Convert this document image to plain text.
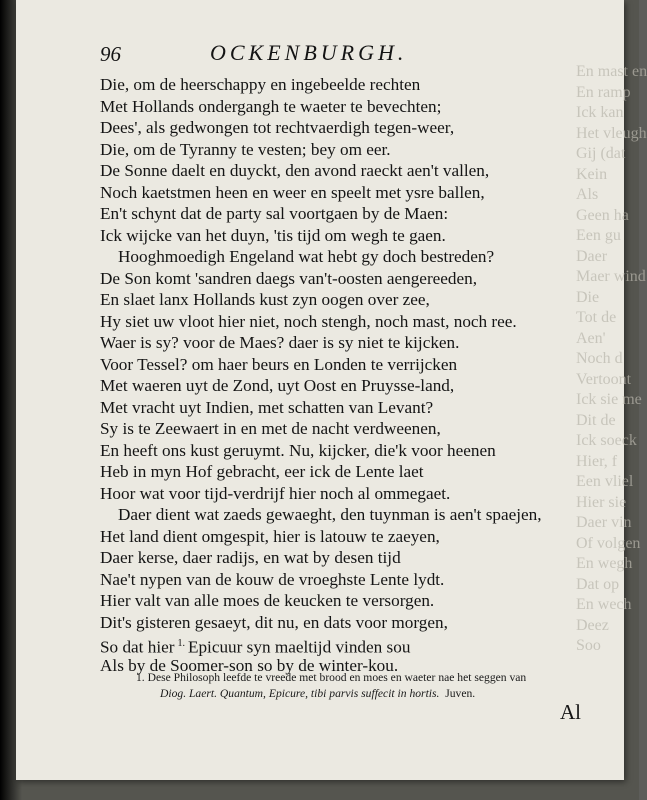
En mast en
En ramp
Ick kan
Het vleugh
Gij (dat
Kein
Als
Geen ha
Een gu
Daer
Maer wind
Die
Tot de
Aen'
Noch d
Vertoont
Ick sie me
Dit de
Ick soeck
Hier, f
Een vliel
Hier sie
Daer vin
Of volgen
En wegh
Dat op
En wech
Deez
Soo
96	OCKENBURGH.
Die, om de heerschappy en ingebeelde rechten
Met Hollands ondergangh te waeter te bevechten;
Dees', als gedwongen tot rechtvaerdigh tegen-weer,
Die, om de Tyranny te vesten; bey om eer.
De Sonne daelt en duyckt, den avond raeckt aen't vallen,
Noch kaetstmen heen en weer en speelt met ysre ballen,
En't schynt dat de party sal voortgaen by de Maen:
Ick wijcke van het duyn, 'tis tijd om wegh te gaen.
Hooghmoedigh Engeland wat hebt gy doch bestreden?
De Son komt 'sandren daegs van't-oosten aengereeden,
En slaet lanx Hollands kust zyn oogen over zee,
Hy siet uw vloot hier niet, noch stengh, noch mast, noch ree.
Waer is sy? voor de Maes? daer is sy niet te kijcken.
Voor Tessel? om haer beurs en Londen te verrijcken
Met waeren uyt de Zond, uyt Oost en Pruysse-land,
Met vracht uyt Indien, met schatten van Levant?
Sy is te Zeewaert in en met de nacht verdweenen,
En heeft ons kust geruymt. Nu, kijcker, die'k voor heenen
Heb in myn Hof gebracht, eer ick de Lente laet
Hoor wat voor tijd-verdrijf hier noch al ommegaet.
Daer dient wat zaeds gewaeght, den tuynman is aen't spaejen,
Het land dient omgespit, hier is latouw te zaeyen,
Daer kerse, daer radijs, en wat by desen tijd
Nae't nypen van de kouw de vroeghste Lente lydt.
Hier valt van alle moes de keucken te versorgen.
Dit's gisteren gesaeyt, dit nu, en dats voor morgen,
So dat hier $^{1.}$ Epicuur syn maeltijd vinden sou
Als by de Soomer-son so by de winter-kou.
1. Dese Philosoph leefde te vreede met brood en moes en waeter nae het seggen van
Diog. Laert. Quantum, Epicure, tibi parvis suffecit in hortis. Juven.
Al
